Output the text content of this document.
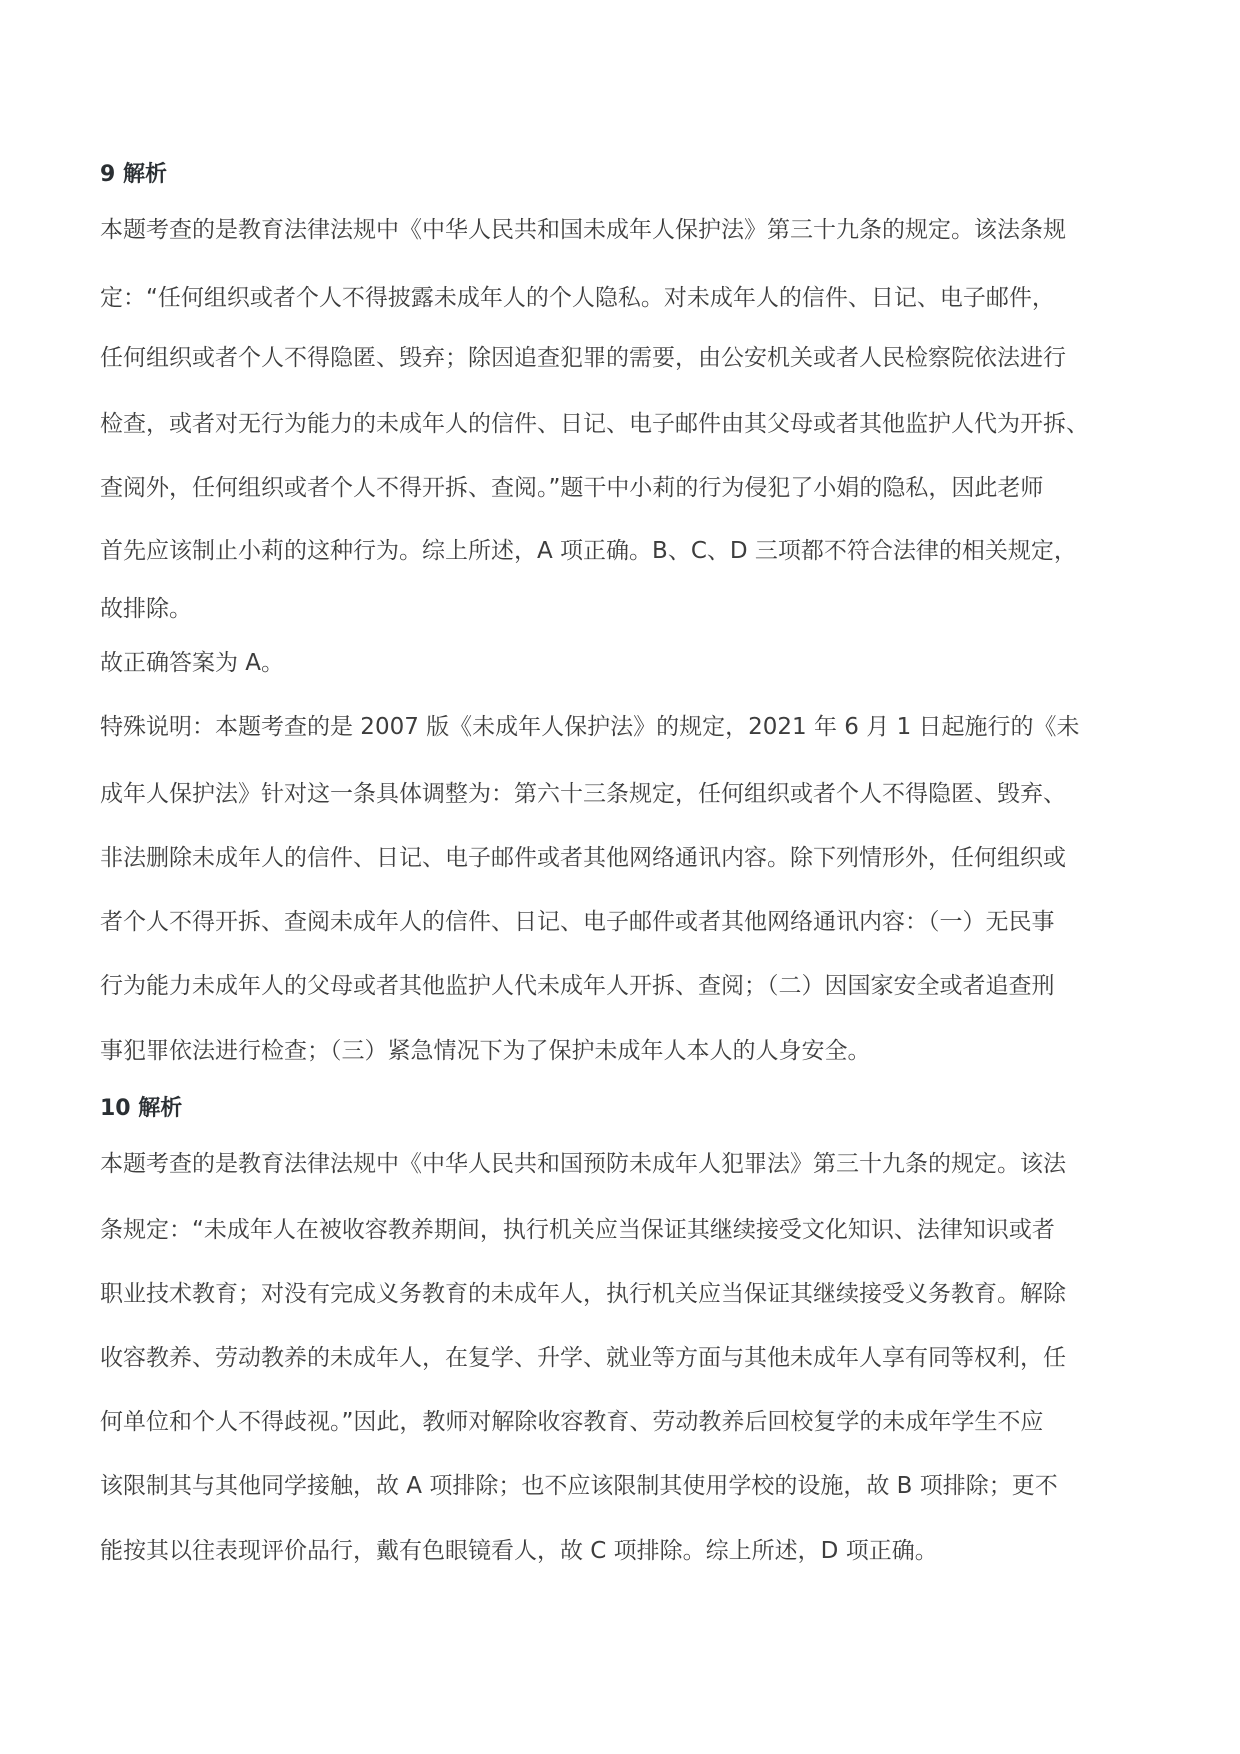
9 解析
本题考查的是教育法律法规中《中华人民共和国未成年人保护法》第三十九条的规定。该法条规
定：“任何组织或者个人不得披露未成年人的个人隐私。对未成年人的信件、日记、电子邮件，
任何组织或者个人不得隐匿、毁弃；除因追查犯罪的需要，由公安机关或者人民检察院依法进行
检查，或者对无行为能力的未成年人的信件、日记、电子邮件由其父母或者其他监护人代为开拆、
查阅外，任何组织或者个人不得开拆、查阅。”题干中小莉的行为侵犯了小娟的隐私，因此老师
首先应该制止小莉的这种行为。综上所述，A 项正确。B、C、D 三项都不符合法律的相关规定，
故排除。
故正确答案为 A。
特殊说明：本题考查的是 2007 版《未成年人保护法》的规定，2021 年 6 月 1 日起施行的《未
成年人保护法》针对这一条具体调整为：第六十三条规定，任何组织或者个人不得隐匿、毁弃、
非法删除未成年人的信件、日记、电子邮件或者其他网络通讯内容。除下列情形外，任何组织或
者个人不得开拆、查阅未成年人的信件、日记、电子邮件或者其他网络通讯内容：（一）无民事
行为能力未成年人的父母或者其他监护人代未成年人开拆、查阅；（二）因国家安全或者追查刑
事犯罪依法进行检查；（三）紧急情况下为了保护未成年人本人的人身安全。
10 解析
本题考查的是教育法律法规中《中华人民共和国预防未成年人犯罪法》第三十九条的规定。该法
条规定：“未成年人在被收容教养期间，执行机关应当保证其继续接受文化知识、法律知识或者
职业技术教育；对没有完成义务教育的未成年人，执行机关应当保证其继续接受义务教育。解除
收容教养、劳动教养的未成年人，在复学、升学、就业等方面与其他未成年人享有同等权利，任
何单位和个人不得歧视。”因此，教师对解除收容教育、劳动教养后回校复学的未成年学生不应
该限制其与其他同学接触，故 A 项排除；也不应该限制其使用学校的设施，故 B 项排除；更不
能按其以往表现评价品行，戴有色眼镜看人，故 C 项排除。综上所述，D 项正确。
